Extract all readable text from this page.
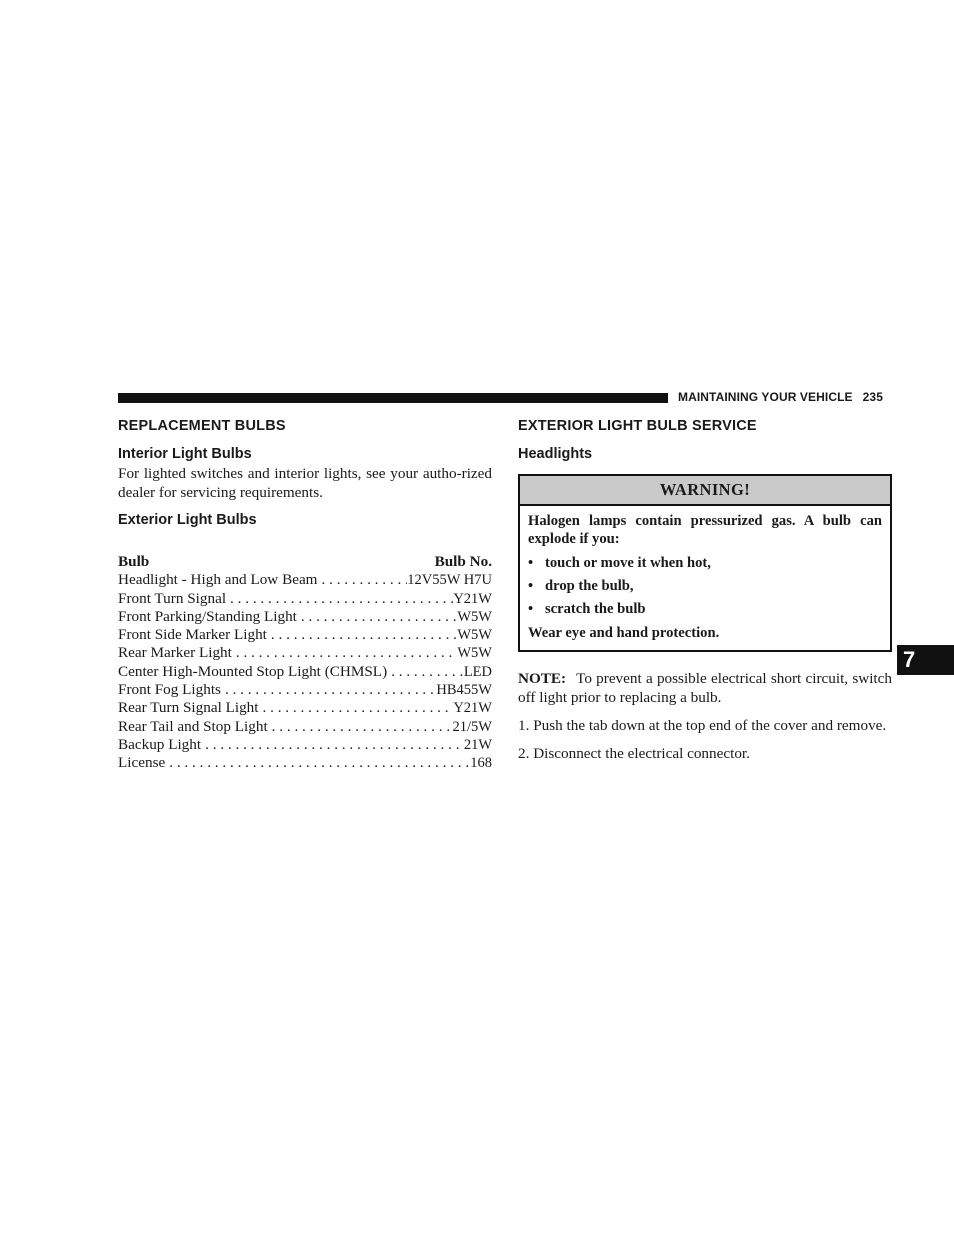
MAINTAINING YOUR VEHICLE 235
REPLACEMENT BULBS
Interior Light Bulbs

For lighted switches and interior lights, see your autho-rized dealer for servicing requirements.

Exterior Light Bulbs
Bulb	Bulb No.
Headlight - High and Low Beam . . .	12V55W H7U
Front Turn Signal . . .	Y21W
Front Parking/Standing Light . . .	W5W
Front Side Marker Light . . .	W5W
Rear Marker Light . . .	W5W
Center High-Mounted Stop Light (CHMSL) . . .	LED
Front Fog Lights . . .	HB455W
Rear Turn Signal Light . . .	Y21W
Rear Tail and Stop Light . . .	21/5W
Backup Light . . .	21W
License . . .	168
EXTERIOR LIGHT BULB SERVICE
Headlights
WARNING!

Halogen lamps contain pressurized gas. A bulb can explode if you:

• touch or move it when hot,
• drop the bulb,
• scratch the bulb

Wear eye and hand protection.

NOTE: To prevent a possible electrical short circuit, switch off light prior to replacing a bulb.

1. Push the tab down at the top end of the cover and remove.

2. Disconnect the electrical connector.

7
